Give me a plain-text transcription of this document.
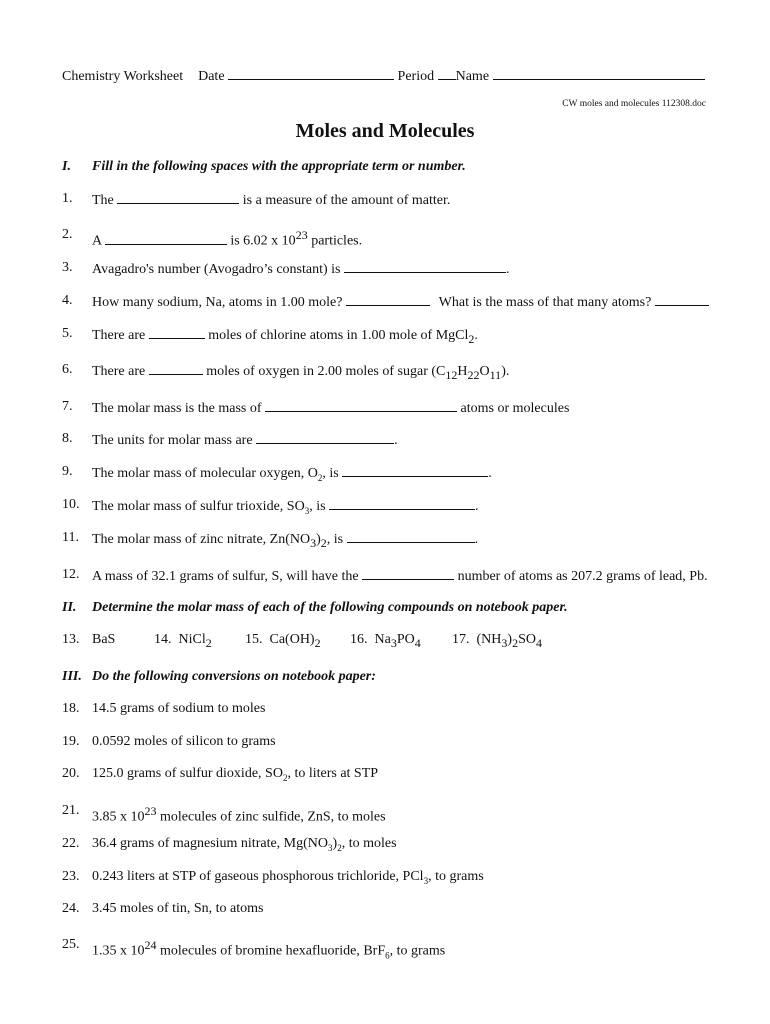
Chemistry Worksheet Date	Period Name
CW moles and molecules 112308.doc
Moles and Molecules
I. Fill in the following spaces with the appropriate term or number.
1. The	is a measure of the amount of matter.
2. A	is 6.02 x $10^{23}$ particles.
3. Avagadro's number (Avogadro’s constant) is	.
4. How many sodium, Na, atoms in 1.00 mole?	What is the mass of that many atoms?
5. There are	moles of chlorine atoms in 1.00 mole of MgCl$_2$.
6. There are	moles of oxygen in 2.00 moles of sugar $(C_{12}H_{22}O_{11})$.
7. The molar mass is the mass of	atoms or molecules
8. The units for molar mass are	.
9. The molar mass of molecular oxygen, $O_2$, is	.
10. The molar mass of sulfur trioxide, $SO_3$, is	.
11. The molar mass of zinc nitrate, $Zn(NO_3)_2$, is	.
12. A mass of 32.1 grams of sulfur, S, will have the	number of atoms as 207.2 grams of lead, Pb.
II. Determine the molar mass of each of the following compounds on notebook paper.
13. BaS	14. NiCl$_2$ 15. $Ca(OH)_2$ 16. $Na_3PO_4$ 17. $(NH_3)_2SO_4$
III. Do the following conversions on notebook paper:
18. 14.5 grams of sodium to moles
19. 0.0592 moles of silicon to grams
20. 125.0 grams of sulfur dioxide, $SO_2$, to liters at STP
21. 3.85 x $10^{23}$ molecules of zinc sulfide, ZnS, to moles
22. 36.4 grams of magnesium nitrate, $Mg(NO_3)_2$, to moles
23. 0.243 liters at STP of gaseous phosphorous trichloride, PCl$_3$, to grams
24. 3.45 moles of tin, Sn, to atoms
25. 1.35 x $10^{24}$ molecules of bromine hexafluoride, BrF$_6$, to grams
